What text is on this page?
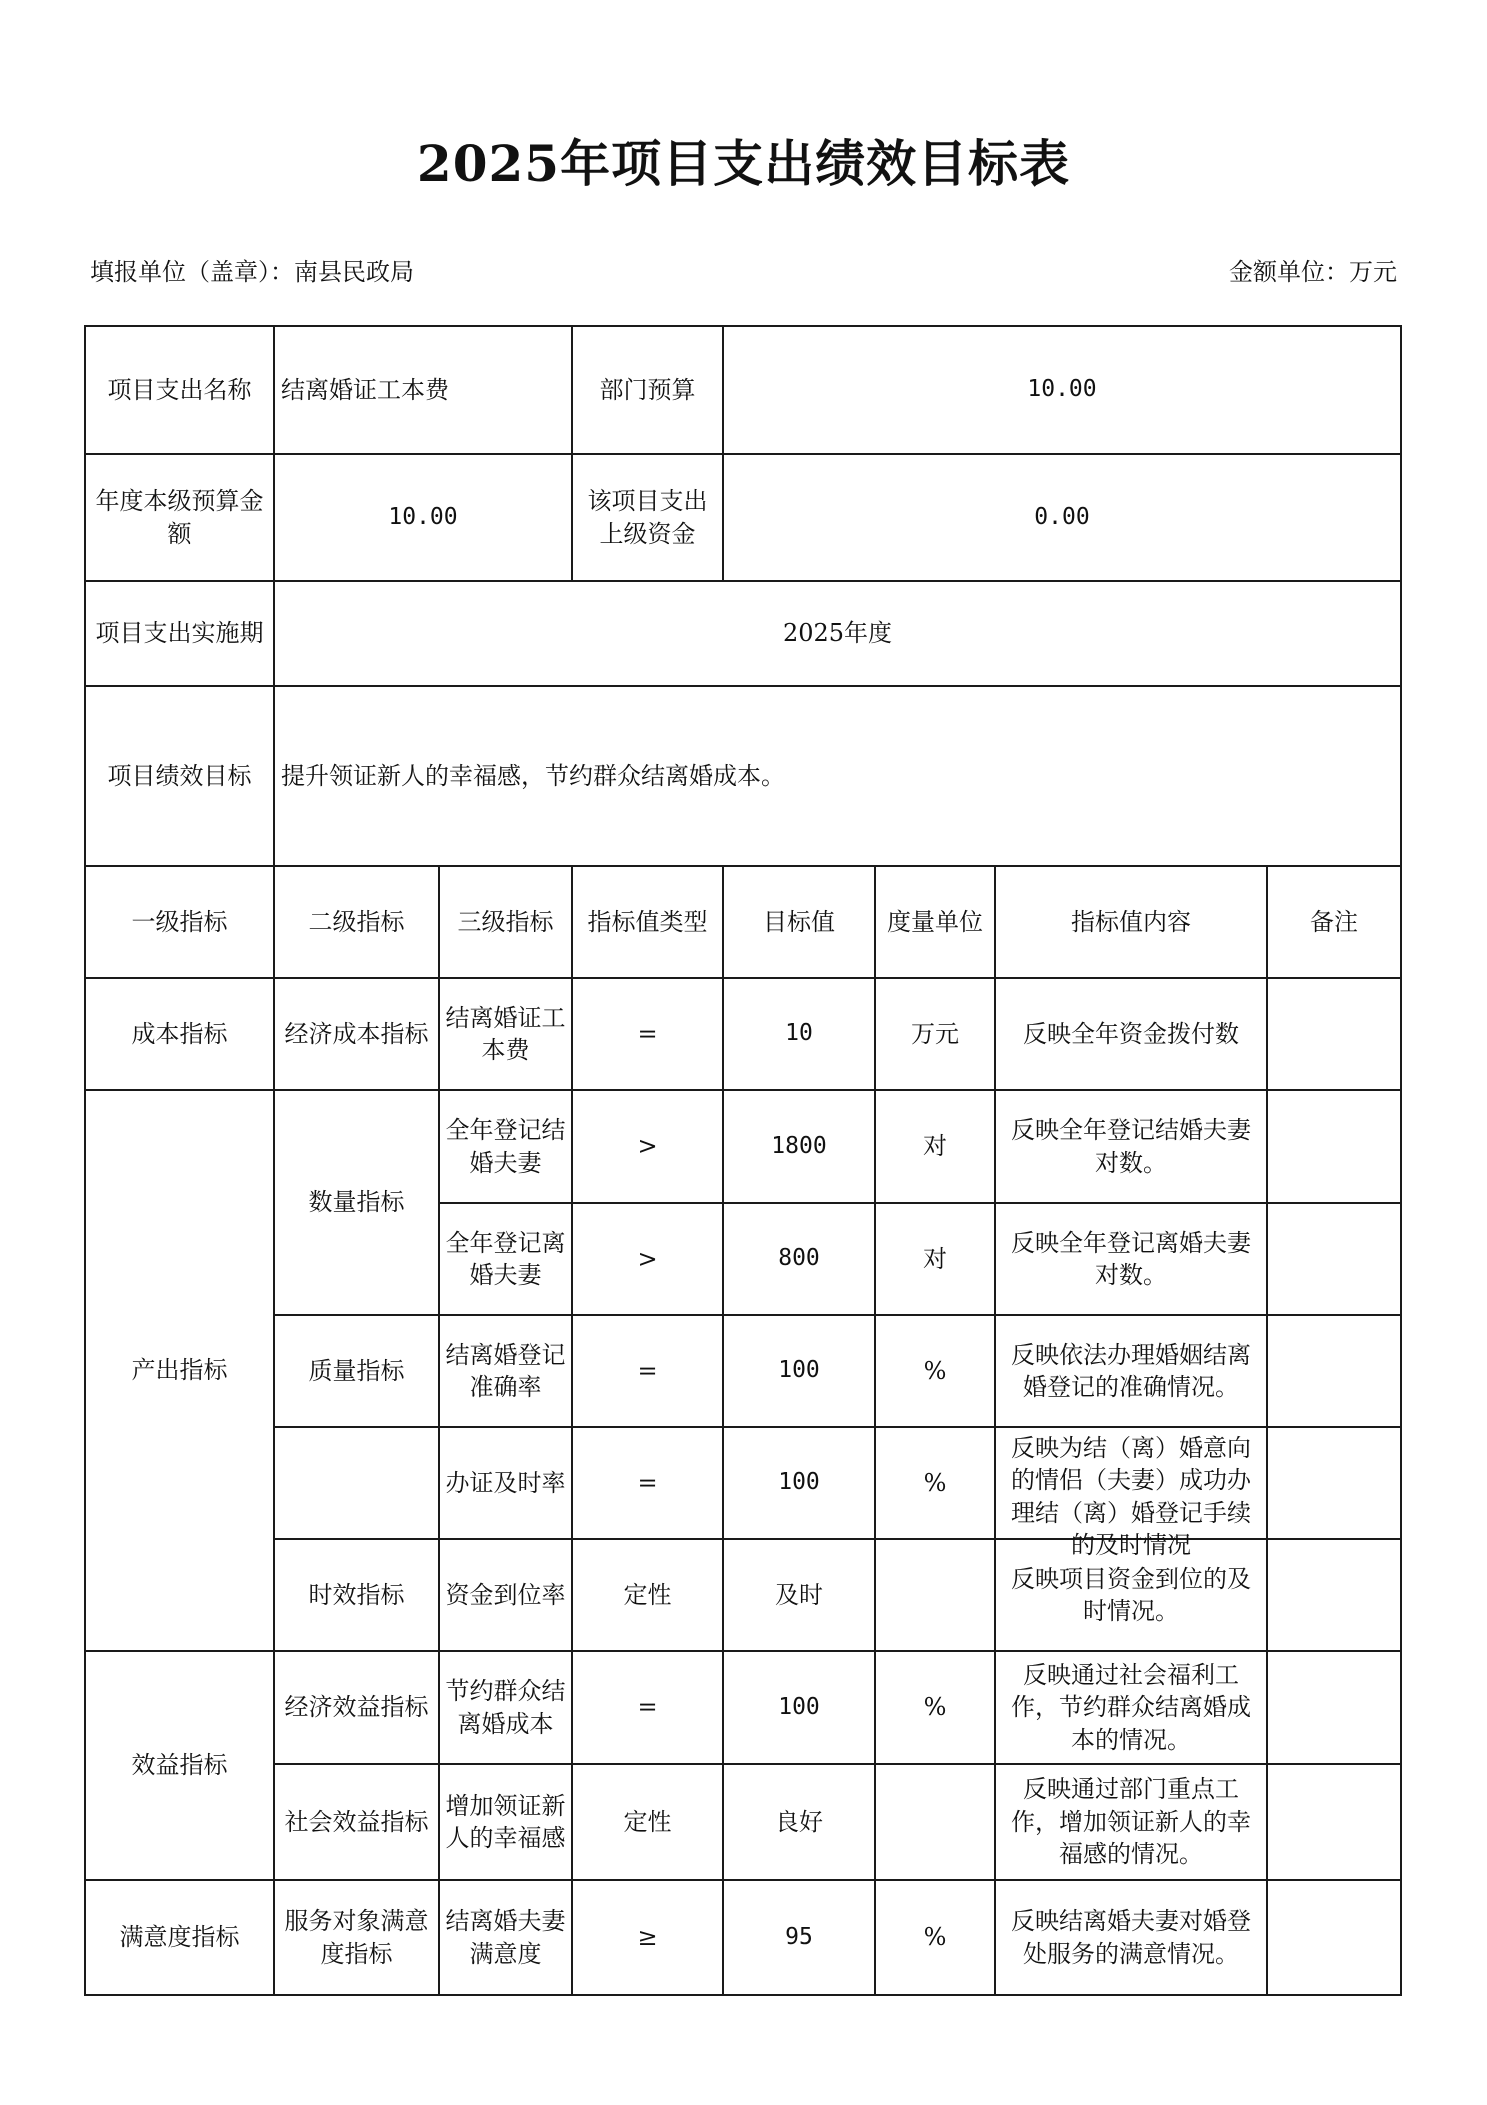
2025年项目支出绩效目标表
填报单位（盖章）：南县民政局	金额单位：万元
项目支出名称	结离婚证工本费		部门预算	10.00			
年度本级预算金额	10.00		该项目支出上级资金	0.00			
项目支出实施期	2025年度						
项目绩效目标	提升领证新人的幸福感，节约群众结离婚成本。						
一级指标	二级指标	三级指标	指标值类型	目标值	度量单位	指标值内容	备注
成本指标	经济成本指标	结离婚证工本费	=	10	万元	反映全年资金拨付数	
产出指标	数量指标	全年登记结婚夫妻	>	1800	对	反映全年登记结婚夫妻对数。	
		全年登记离婚夫妻	>	800	对	反映全年登记离婚夫妻对数。	
	质量指标	结离婚登记准确率	=	100	%	反映依法办理婚姻结离婚登记的准确情况。	
		办证及时率	=	100	%	反映为结（离）婚意向的情侣（夫妻）成功办理结（离）婚登记手续的及时情况	

	时效指标	资金到位率	定性	及时		反映项目资金到位的及时情况。	
效益指标	经济效益指标	节约群众结离婚成本	=	100	%	反映通过社会福利工作，节约群众结离婚成本的情况。	
	社会效益指标	增加领证新人的幸福感	定性	良好		反映通过部门重点工作，增加领证新人的幸福感的情况。	
满意度指标	服务对象满意度指标	结离婚夫妻满意度	≥	95	%	反映结离婚夫妻对婚登处服务的满意情况。	
